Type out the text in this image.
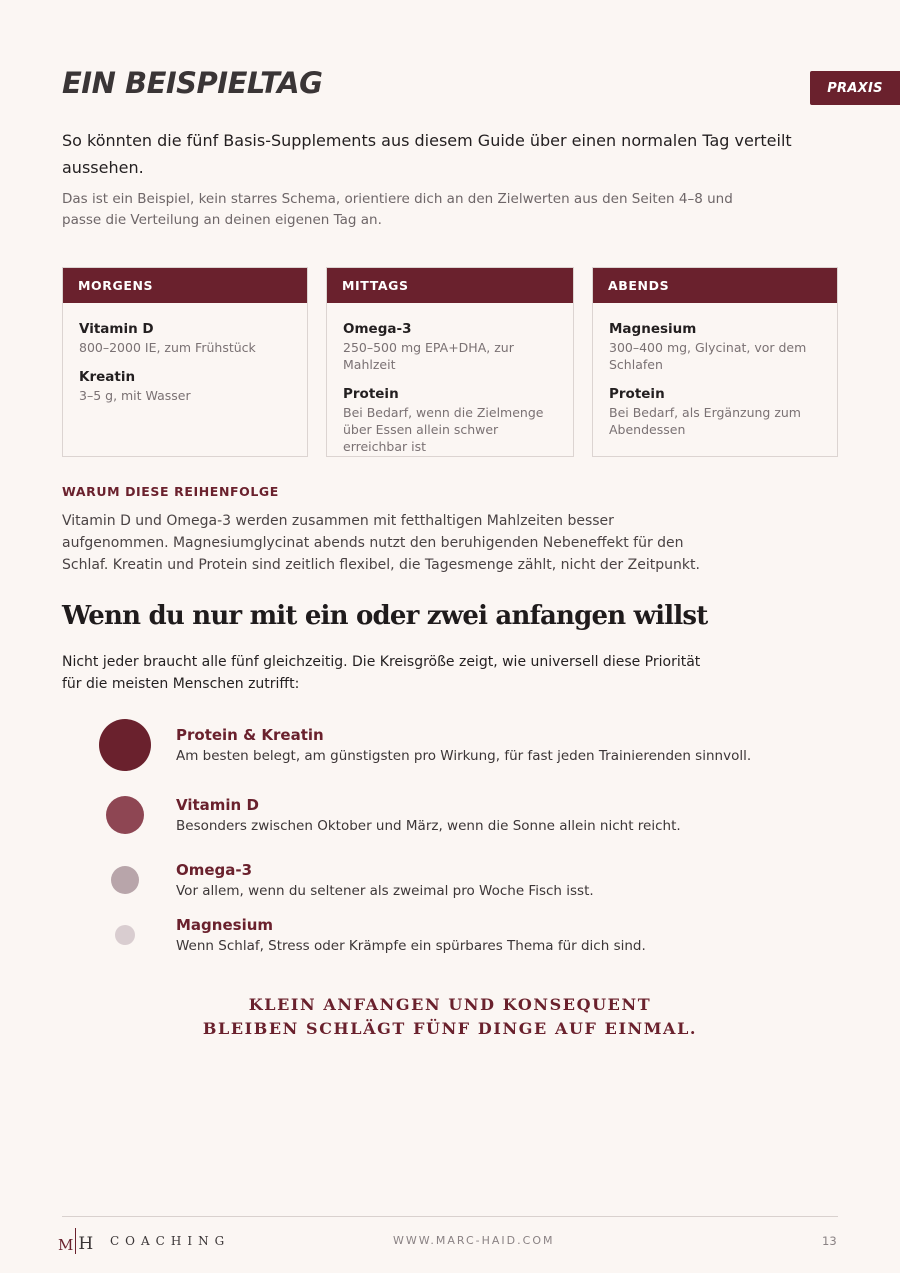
EIN BEISPIELTAG	PRAXIS

So könnten die fünf Basis-Supplements aus diesem Guide über einen normalen Tag verteilt aussehen.

Das ist ein Beispiel, kein starres Schema, orientiere dich an den Zielwerten aus den Seiten 4–8 und passe die Verteilung an deinen eigenen Tag an.

MORGENS
Vitamin D
800–2000 IE, zum Frühstück
Kreatin
3–5 g, mit Wasser
MITTAGS
Omega-3
250–500 mg EPA+DHA, zur Mahlzeit
Protein
Bei Bedarf, wenn die Zielmenge über Essen allein schwer erreichbar ist
ABENDS
Magnesium
300–400 mg, Glycinat, vor dem Schlafen
Protein
Bei Bedarf, als Ergänzung zum Abendessen
WARUM DIESE REIHENFOLGE

Vitamin D und Omega-3 werden zusammen mit fetthaltigen Mahlzeiten besser aufgenommen. Magnesiumglycinat abends nutzt den beruhigenden Nebeneffekt für den Schlaf. Kreatin und Protein sind zeitlich flexibel, die Tagesmenge zählt, nicht der Zeitpunkt.

Wenn du nur mit ein oder zwei anfangen willst

Nicht jeder braucht alle fünf gleichzeitig. Die Kreisgröße zeigt, wie universell diese Priorität für die meisten Menschen zutrifft:

Protein & Kreatin
Am besten belegt, am günstigsten pro Wirkung, für fast jeden Trainierenden sinnvoll.
Vitamin D
Besonders zwischen Oktober und März, wenn die Sonne allein nicht reicht.
Omega-3
Vor allem, wenn du seltener als zweimal pro Woche Fisch isst.
Magnesium
Wenn Schlaf, Stress oder Krämpfe ein spürbares Thema für dich sind.

KLEIN ANFANGEN UND KONSEQUENT
BLEIBEN SCHLÄGT FÜNF DINGE AUF EINMAL.

M H COACHING	WWW.MARC-HAID.COM	13
